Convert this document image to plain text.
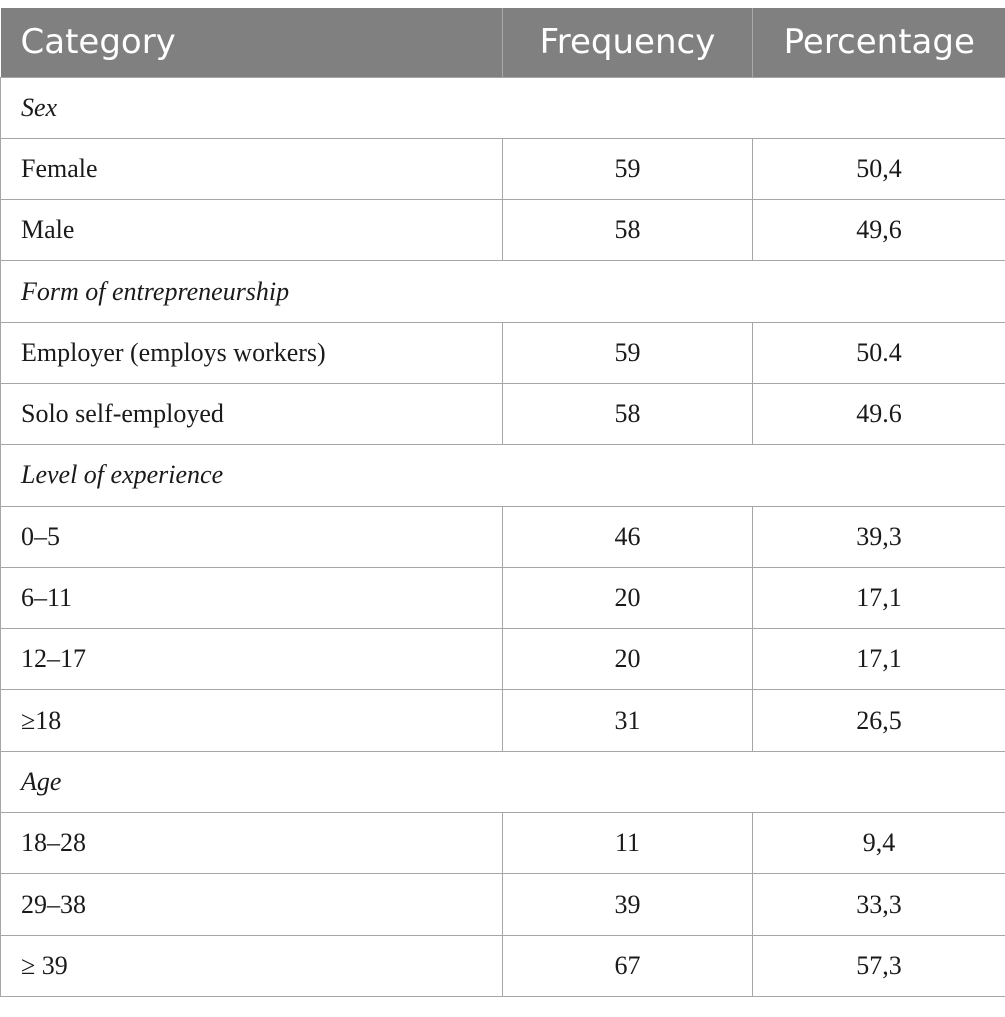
Category	Frequency	Percentage
Sex		
Female	59	50,4
Male	58	49,6
Form of entrepreneurship		
Employer (employs workers)	59	50.4
Solo self-employed	58	49.6
Level of experience		
0–5	46	39,3
6–11	20	17,1
12–17	20	17,1
≥18	31	26,5
Age		
18–28	11	9,4
29–38	39	33,3
≥ 39	67	57,3
